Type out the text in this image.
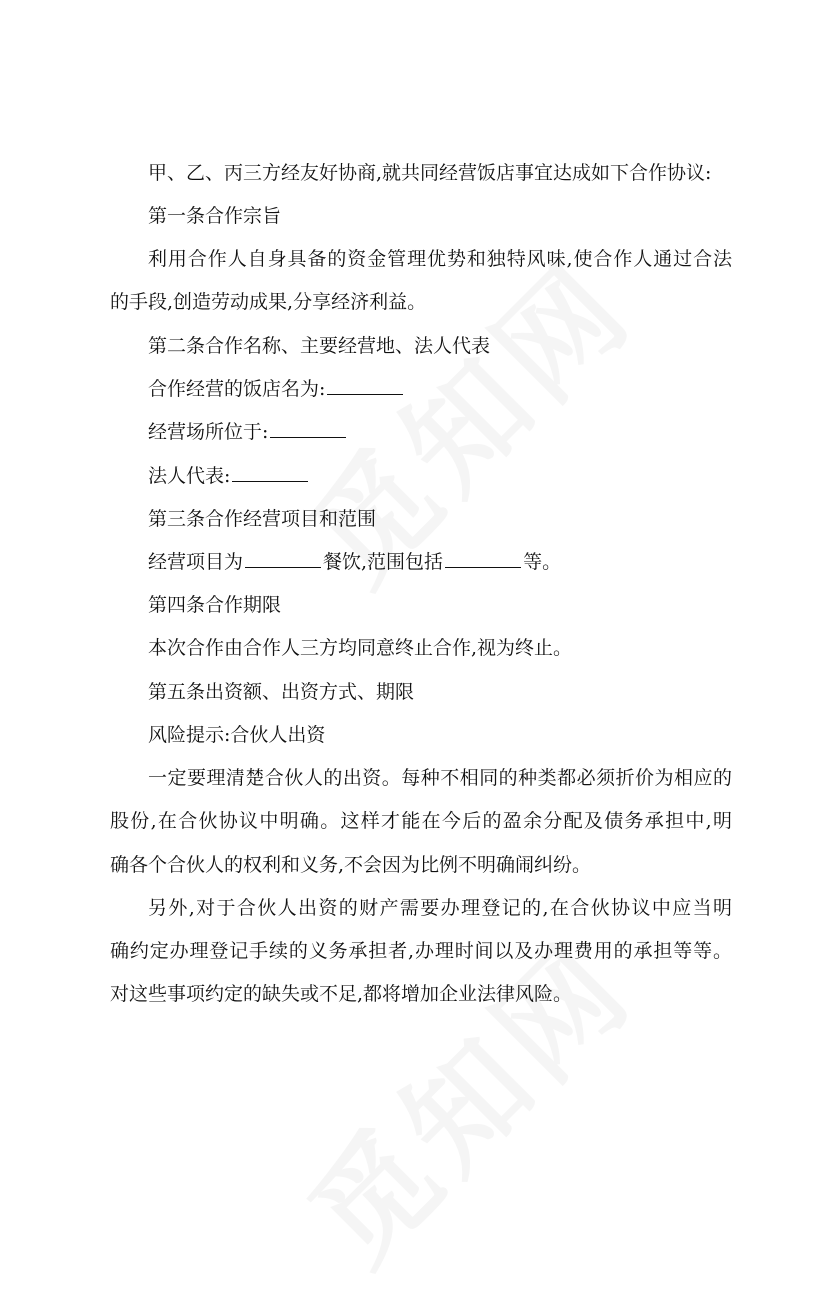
甲、乙、丙三方经友好协商,就共同经营饭店事宜达成如下合作协议:
第一条合作宗旨
利用合作人自身具备的资金管理优势和独特风味,使合作人通过合法
的手段,创造劳动成果,分享经济利益。
第二条合作名称、主要经营地、法人代表
合作经营的饭店名为:
经营场所位于:
法人代表:
第三条合作经营项目和范围
经营项目为	餐饮,范围包括	等。
第四条合作期限
本次合作由合作人三方均同意终止合作,视为终止。
第五条出资额、出资方式、期限
风险提示:合伙人出资
一定要理清楚合伙人的出资。每种不相同的种类都必须折价为相应的
股份,在合伙协议中明确。这样才能在今后的盈余分配及债务承担中,明
确各个合伙人的权利和义务,不会因为比例不明确闹纠纷。
另外,对于合伙人出资的财产需要办理登记的,在合伙协议中应当明
确约定办理登记手续的义务承担者,办理时间以及办理费用的承担等等。
对这些事项约定的缺失或不足,都将增加企业法律风险。
